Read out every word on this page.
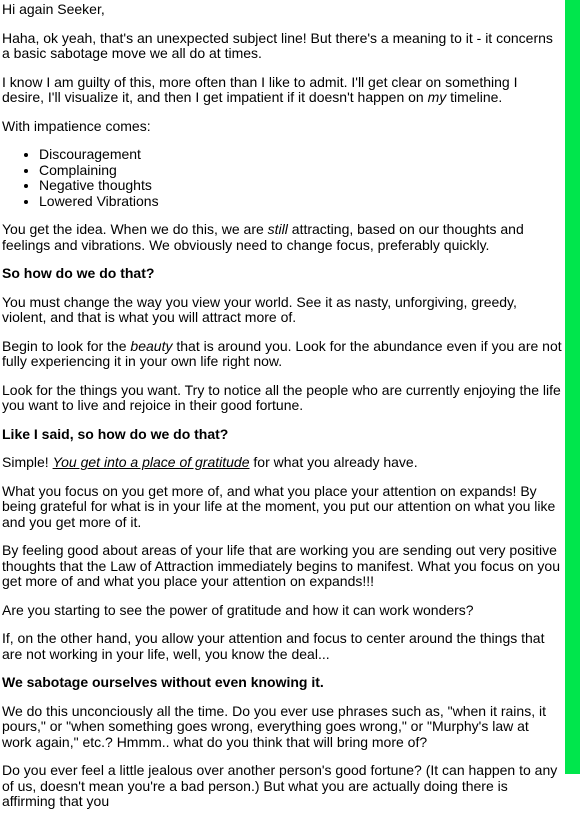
Hi again Seeker,

Haha, ok yeah, that's an unexpected subject line! But there's a meaning to it - it concerns a basic sabotage move we all do at times.

I know I am guilty of this, more often than I like to admit. I'll get clear on something I desire, I'll visualize it, and then I get impatient if it doesn't happen on my timeline.

With impatience comes:

• Discouragement
• Complaining
• Negative thoughts
• Lowered Vibrations

You get the idea. When we do this, we are still attracting, based on our thoughts and feelings and vibrations. We obviously need to change focus, preferably quickly.

So how do we do that?

You must change the way you view your world. See it as nasty, unforgiving, greedy, violent, and that is what you will attract more of.

Begin to look for the beauty that is around you. Look for the abundance even if you are not fully experiencing it in your own life right now.

Look for the things you want. Try to notice all the people who are currently enjoying the life you want to live and rejoice in their good fortune.

Like I said, so how do we do that?

Simple! You get into a place of gratitude for what you already have.

What you focus on you get more of, and what you place your attention on expands! By being grateful for what is in your life at the moment, you put our attention on what you like and you get more of it.

By feeling good about areas of your life that are working you are sending out very positive thoughts that the Law of Attraction immediately begins to manifest. What you focus on you get more of and what you place your attention on expands!!!

Are you starting to see the power of gratitude and how it can work wonders?

If, on the other hand, you allow your attention and focus to center around the things that are not working in your life, well, you know the deal...

We sabotage ourselves without even knowing it.

We do this unconciously all the time. Do you ever use phrases such as, "when it rains, it pours," or "when something goes wrong, everything goes wrong," or "Murphy's law at work again," etc.? Hmmm.. what do you think that will bring more of?

Do you ever feel a little jealous over another person's good fortune? (It can happen to any of us, doesn't mean you're a bad person.) But what you are actually doing there is affirming that you
